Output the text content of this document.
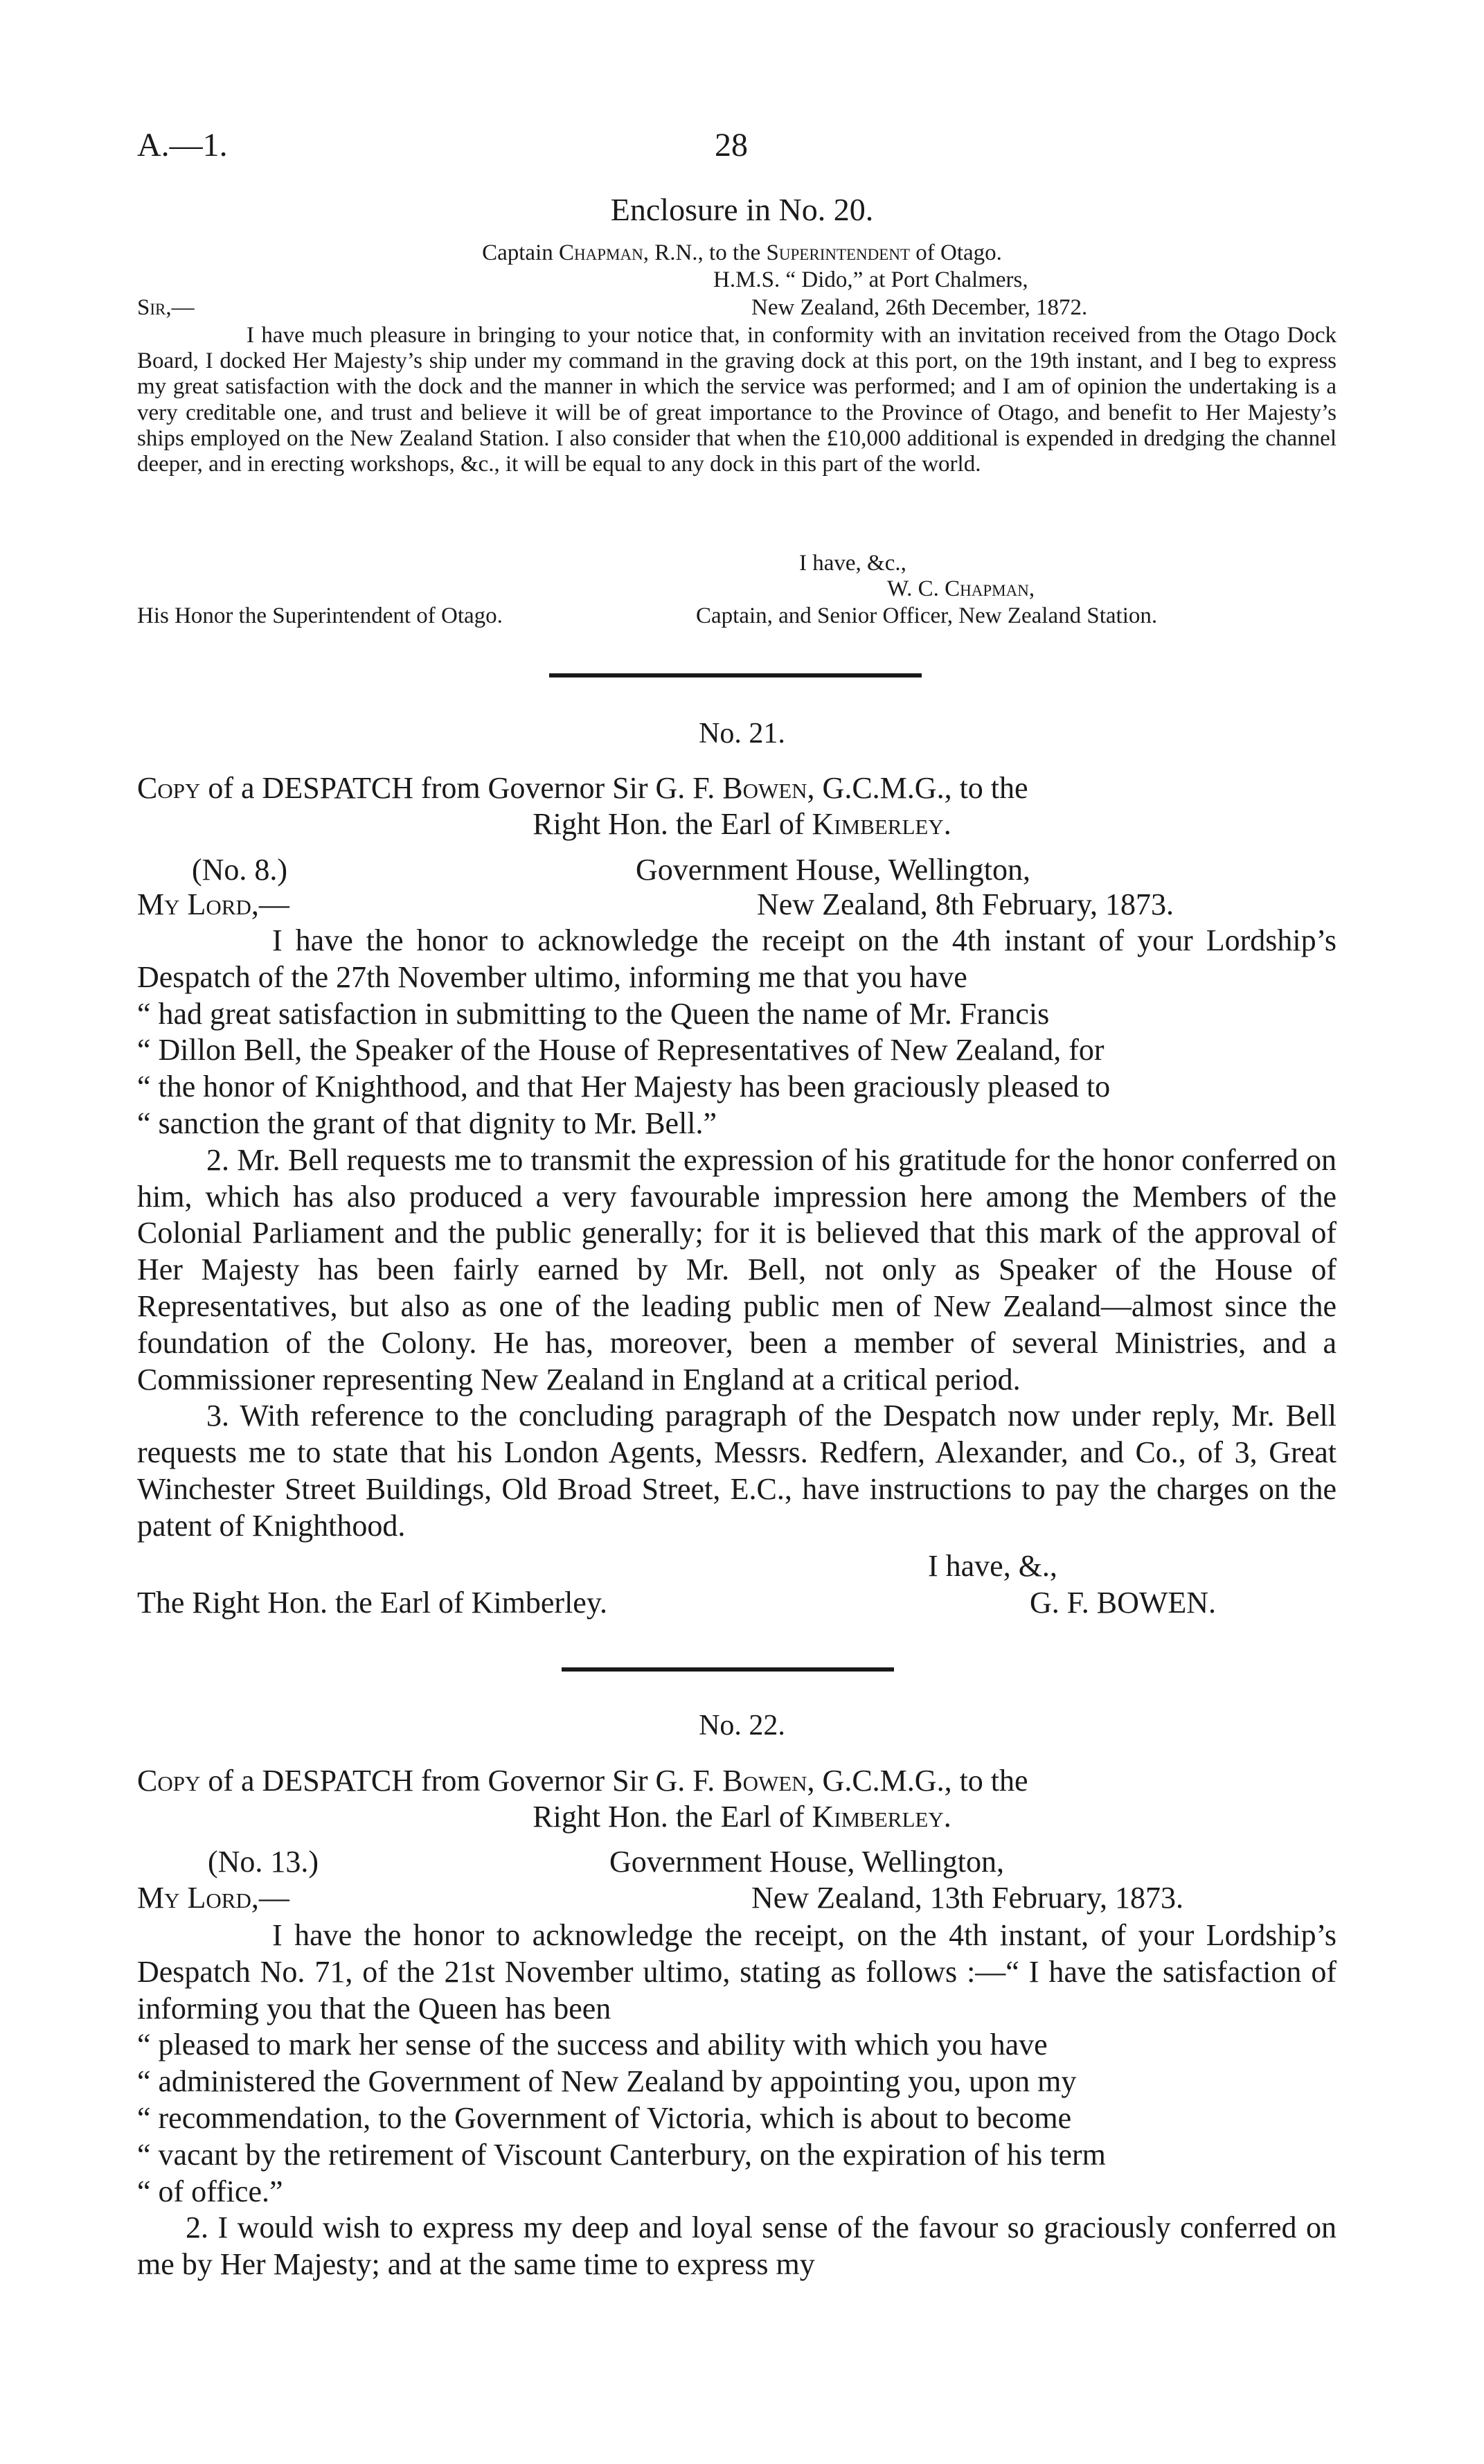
A.—1.	28
Enclosure in No. 20.
Captain Chapman, R.N., to the Superintendent of Otago.
H.M.S. “ Dido,” at Port Chalmers,
Sir,—	New Zealand, 26th December, 1872.
I have much pleasure in bringing to your notice that, in conformity with an invitation received from the Otago Dock Board, I docked Her Majesty’s ship under my command in the graving dock at this port, on the 19th instant, and I beg to express my great satisfaction with the dock and the manner in which the service was performed; and I am of opinion the undertaking is a very creditable one, and trust and believe it will be of great importance to the Province of Otago, and benefit to Her Majesty’s ships employed on the New Zealand Station. I also consider that when the £10,000 additional is expended in dredging the channel deeper, and in erecting workshops, &c., it will be equal to any dock in this part of the world.
I have, &c.,
W. C. Chapman,
His Honor the Superintendent of Otago.	Captain, and Senior Officer, New Zealand Station.
No. 21.
Copy of a DESPATCH from Governor Sir G. F. Bowen, G.C.M.G., to the
Right Hon. the Earl of Kimberley.
(No. 8.)	Government House, Wellington,
My Lord,—	New Zealand, 8th February, 1873.

I have the honor to acknowledge the receipt on the 4th instant of your Lordship’s Despatch of the 27th November ultimo, informing me that you have

“ had great satisfaction in submitting to the Queen the name of Mr. Francis

“ Dillon Bell, the Speaker of the House of Representatives of New Zealand, for

“ the honor of Knighthood, and that Her Majesty has been graciously pleased to

“ sanction the grant of that dignity to Mr. Bell.”

2. Mr. Bell requests me to transmit the expression of his gratitude for the honor conferred on him, which has also produced a very favourable impression here among the Members of the Colonial Parliament and the public generally; for it is believed that this mark of the approval of Her Majesty has been fairly earned by Mr. Bell, not only as Speaker of the House of Representatives, but also as one of the leading public men of New Zealand—almost since the foundation of the Colony. He has, moreover, been a member of several Ministries, and a Commissioner representing New Zealand in England at a critical period.

3. With reference to the concluding paragraph of the Despatch now under reply, Mr. Bell requests me to state that his London Agents, Messrs. Redfern, Alexander, and Co., of 3, Great Winchester Street Buildings, Old Broad Street, E.C., have instructions to pay the charges on the patent of Knighthood.

I have, &.,
The Right Hon. the Earl of Kimberley.	G. F. BOWEN.
No. 22.
Copy of a DESPATCH from Governor Sir G. F. Bowen, G.C.M.G., to the
Right Hon. the Earl of Kimberley.
(No. 13.)	Government House, Wellington,
My Lord,—	New Zealand, 13th February, 1873.

I have the honor to acknowledge the receipt, on the 4th instant, of your Lordship’s Despatch No. 71, of the 21st November ultimo, stating as follows :—“ I have the satisfaction of informing you that the Queen has been

“ pleased to mark her sense of the success and ability with which you have

“ administered the Government of New Zealand by appointing you, upon my

“ recommendation, to the Government of Victoria, which is about to become

“ vacant by the retirement of Viscount Canterbury, on the expiration of his term

“ of office.”

2. I would wish to express my deep and loyal sense of the favour so graciously conferred on me by Her Majesty; and at the same time to express my
